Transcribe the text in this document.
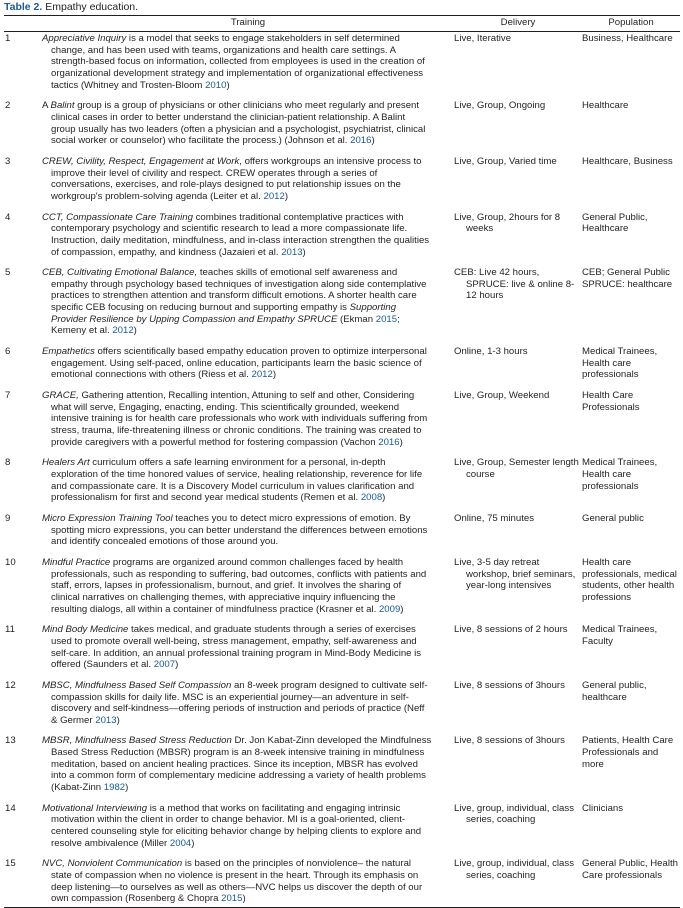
Table 2. Empathy education.
	Training	Delivery	Population
1	Appreciative Inquiry is a model that seeks to engage stakeholders in self determined change, and has been used with teams, organizations and health care settings. A strength-based focus on information, collected from employees is used in the creation of organizational development strategy and implementation of organizational effectiveness tactics (Whitney and Trosten-Bloom 2010)	Live, Iterative	Business, Healthcare
2	A Balint group is a group of physicians or other clinicians who meet regularly and present clinical cases in order to better understand the clinician-patient relationship. A Balint group usually has two leaders (often a physician and a psychologist, psychiatrist, clinical social worker or counselor) who facilitate the process.) (Johnson et al. 2016)	Live, Group, Ongoing	Healthcare
3	CREW, Civility, Respect, Engagement at Work, offers workgroups an intensive process to improve their level of civility and respect. CREW operates through a series of conversations, exercises, and role-plays designed to put relationship issues on the workgroup's problem-solving agenda (Leiter et al. 2012)	Live, Group, Varied time	Healthcare, Business
4	CCT, Compassionate Care Training combines traditional contemplative practices with contemporary psychology and scientific research to lead a more compassionate life. Instruction, daily meditation, mindfulness, and in-class interaction strengthen the qualities of compassion, empathy, and kindness (Jazaieri et al. 2013)	Live, Group, 2hours for 8 weeks	General Public, Healthcare
5	CEB, Cultivating Emotional Balance, teaches skills of emotional self awareness and empathy through psychology based techniques of investigation along side contemplative practices to strengthen attention and transform difficult emotions. A shorter health care specific CEB focusing on reducing burnout and supporting empathy is Supporting Provider Resilience by Upping Compassion and Empathy SPRUCE (Ekman 2015; Kemeny et al. 2012)	CEB: Live 42 hours, SPRUCE: live & online 8-12 hours	CEB; General Public SPRUCE: healthcare
6	Empathetics offers scientifically based empathy education proven to optimize interpersonal engagement. Using self-paced, online education, participants learn the basic science of emotional connections with others (Riess et al. 2012)	Online, 1-3 hours	Medical Trainees, Health care professionals
7	GRACE, Gathering attention, Recalling intention, Attuning to self and other, Considering what will serve, Engaging, enacting, ending. This scientifically grounded, weekend intensive training is for health care professionals who work with individuals suffering from stress, trauma, life-threatening illness or chronic conditions. The training was created to provide caregivers with a powerful method for fostering compassion (Vachon 2016)	Live, Group, Weekend	Health Care Professionals
8	Healers Art curriculum offers a safe learning environment for a personal, in-depth exploration of the time honored values of service, healing relationship, reverence for life and compassionate care. It is a Discovery Model curriculum in values clarification and professionalism for first and second year medical students (Remen et al. 2008)	Live, Group, Semester length course	Medical Trainees, Health care professionals
9	Micro Expression Training Tool teaches you to detect micro expressions of emotion. By spotting micro expressions, you can better understand the differences between emotions and identify concealed emotions of those around you.	Online, 75 minutes	General public
10	Mindful Practice programs are organized around common challenges faced by health professionals, such as responding to suffering, bad outcomes, conflicts with patients and staff, errors, lapses in professionalism, burnout, and grief. It involves the sharing of clinical narratives on challenging themes, with appreciative inquiry influencing the resulting dialogs, all within a container of mindfulness practice (Krasner et al. 2009)	Live, 3-5 day retreat workshop, brief seminars, year-long intensives	Health care professionals, medical students, other health professions
11	Mind Body Medicine takes medical, and graduate students through a series of exercises used to promote overall well-being, stress management, empathy, self-awareness and self-care. In addition, an annual professional training program in Mind-Body Medicine is offered (Saunders et al. 2007)	Live, 8 sessions of 2 hours	Medical Trainees, Faculty
12	MBSC, Mindfulness Based Self Compassion an 8-week program designed to cultivate self-compassion skills for daily life. MSC is an experiential journey—an adventure in self-discovery and self-kindness—offering periods of instruction and periods of practice (Neff & Germer 2013)	Live, 8 sessions of 3hours	General public, healthcare
13	MBSR, Mindfulness Based Stress Reduction Dr. Jon Kabat-Zinn developed the Mindfulness Based Stress Reduction (MBSR) program is an 8-week intensive training in mindfulness meditation, based on ancient healing practices. Since its inception, MBSR has evolved into a common form of complementary medicine addressing a variety of health problems (Kabat-Zinn 1982)	Live, 8 sessions of 3hours	Patients, Health Care Professionals and more
14	Motivational Interviewing is a method that works on facilitating and engaging intrinsic motivation within the client in order to change behavior. MI is a goal-oriented, client-centered counseling style for eliciting behavior change by helping clients to explore and resolve ambivalence (Miller 2004)	Live, group, individual, class series, coaching	Clinicians
15	NVC, Nonviolent Communication is based on the principles of nonviolence– the natural state of compassion when no violence is present in the heart. Through its emphasis on deep listening—to ourselves as well as others—NVC helps us discover the depth of our own compassion (Rosenberg & Chopra 2015)	Live, group, individual, class series, coaching	General Public, Health Care professionals
